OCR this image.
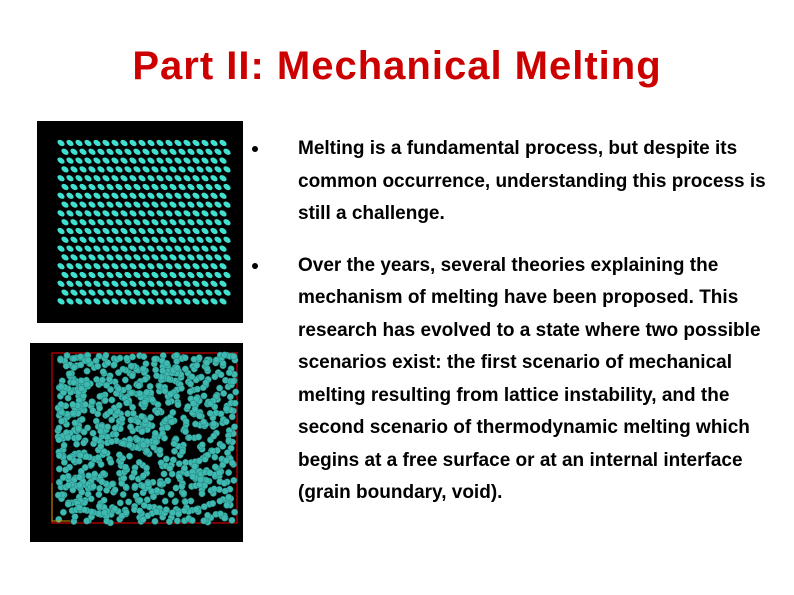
Part II: Mechanical Melting
Melting is a fundamental process, but despite its common occurrence, understanding this process is still a challenge.
Over the years, several theories explaining the mechanism of melting have been proposed. This research has evolved to a state where two possible scenarios exist: the first scenario of mechanical melting resulting from lattice instability, and the second scenario of thermodynamic melting which begins at a free surface or at an internal interface (grain boundary, void).
